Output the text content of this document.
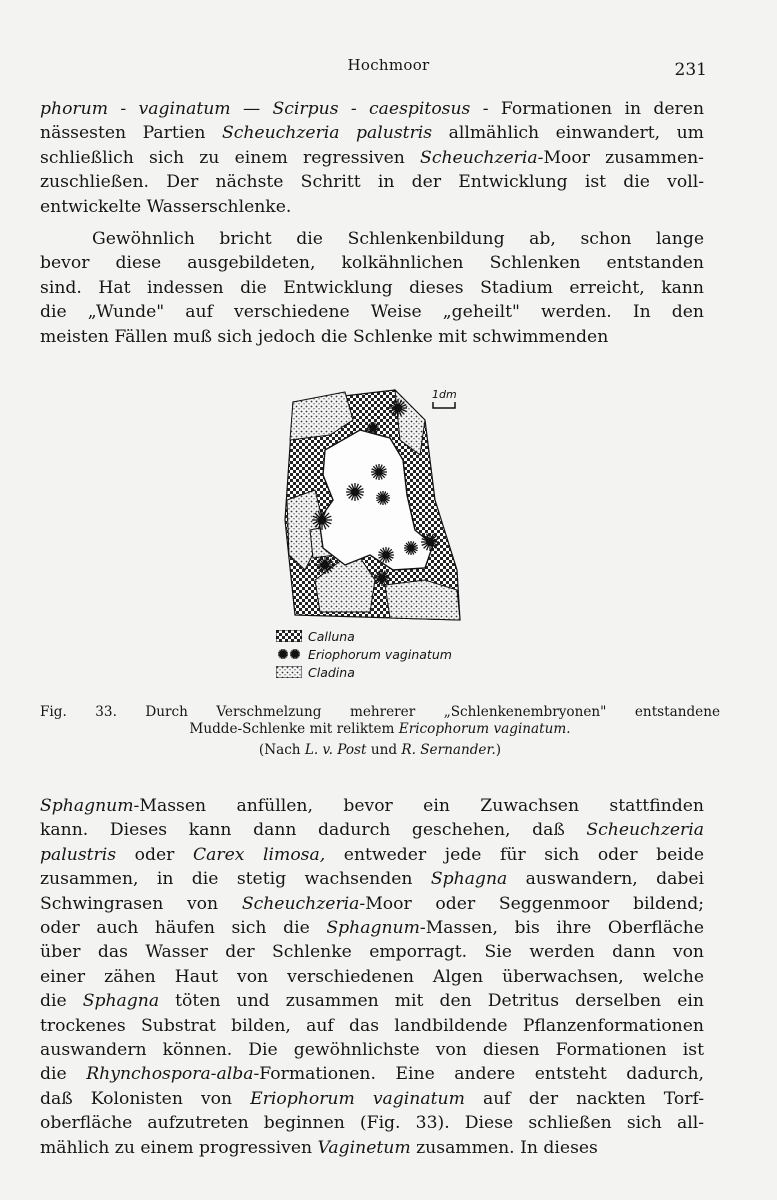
Hochmoor	231
phorum - vaginatum — Scirpus - caespitosus - Formationen in deren
nässesten Partien Scheuchzeria palustris allmählich einwandert, um
schließlich sich zu einem regressiven Scheuchzeria-Moor zusammen-
zuschließen. Der nächste Schritt in der Entwicklung ist die voll-
entwickelte Wasserschlenke.
Gewöhnlich bricht die Schlenkenbildung ab, schon lange
bevor diese ausgebildeten, kolkähnlichen Schlenken entstanden
sind. Hat indessen die Entwicklung dieses Stadium erreicht, kann
die „Wunde" auf verschiedene Weise „geheilt" werden. In den
meisten Fällen muß sich jedoch die Schlenke mit schwimmenden
1dm
Calluna
Eriophorum vaginatum
Cladina
Fig. 33. Durch Verschmelzung mehrerer „Schlenkenembryonen" entstandene
Mudde-Schlenke mit reliktem Ericophorum vaginatum.
(Nach L. v. Post und R. Sernander.)
Sphagnum-Massen anfüllen, bevor ein Zuwachsen stattfinden
kann. Dieses kann dann dadurch geschehen, daß Scheuchzeria
palustris oder Carex limosa, entweder jede für sich oder beide
zusammen, in die stetig wachsenden Sphagna auswandern, dabei
Schwingrasen von Scheuchzeria-Moor oder Seggenmoor bildend;
oder auch häufen sich die Sphagnum-Massen, bis ihre Oberfläche
über das Wasser der Schlenke emporragt. Sie werden dann von
einer zähen Haut von verschiedenen Algen überwachsen, welche
die Sphagna töten und zusammen mit den Detritus derselben ein
trockenes Substrat bilden, auf das landbildende Pflanzenformationen
auswandern können. Die gewöhnlichste von diesen Formationen ist
die Rhynchospora-alba-Formationen. Eine andere entsteht dadurch,
daß Kolonisten von Eriophorum vaginatum auf der nackten Torf-
oberfläche aufzutreten beginnen (Fig. 33). Diese schließen sich all-
mählich zu einem progressiven Vaginetum zusammen. In dieses
